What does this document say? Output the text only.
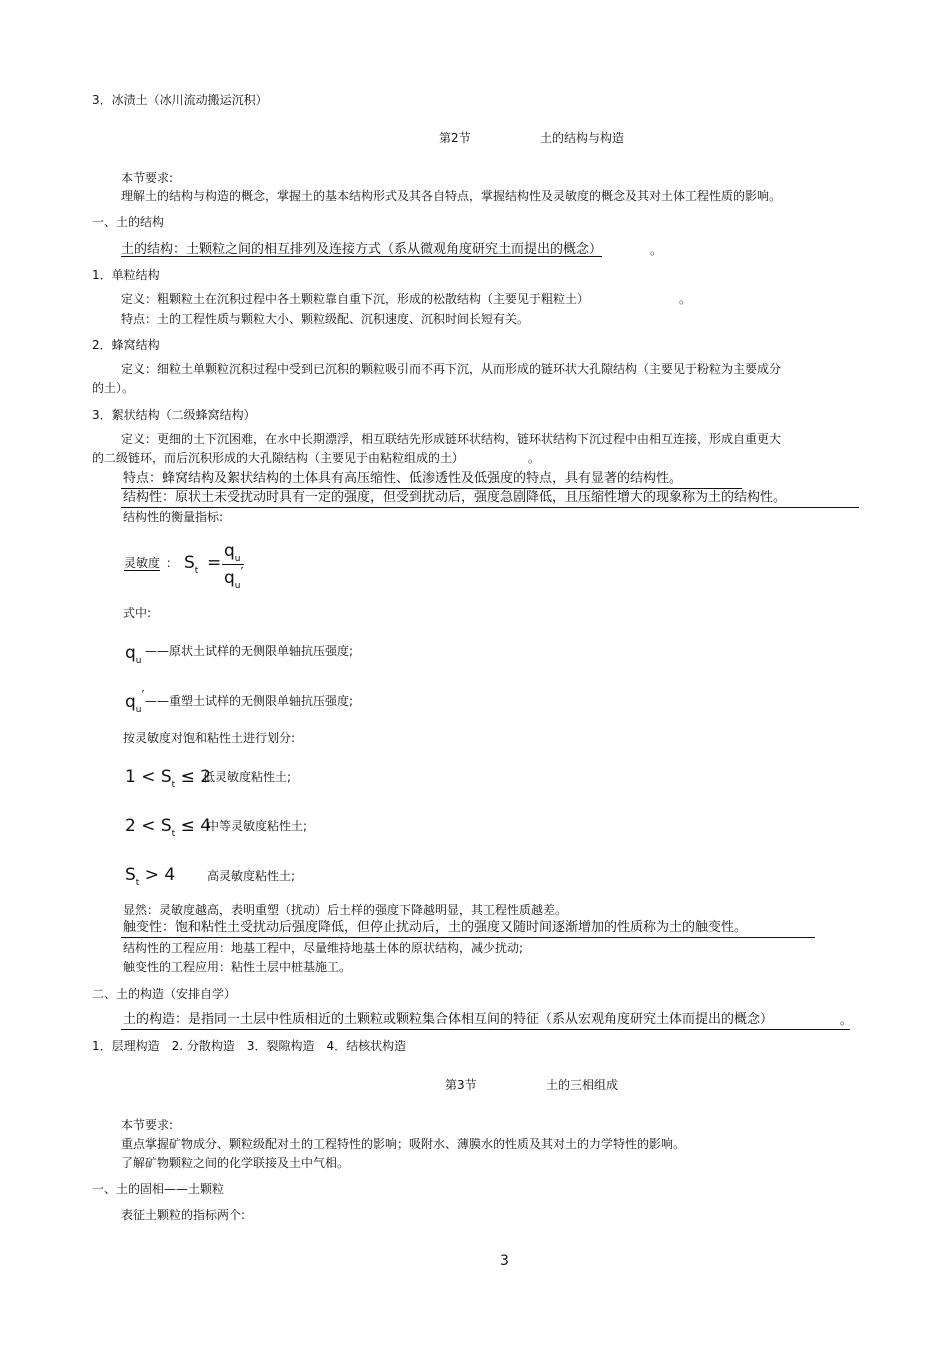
3．冰渍土（冰川流动搬运沉积）
第2节	土的结构与构造
本节要求:
理解土的结构与构造的概念，掌握土的基本结构形式及其各自特点，掌握结构性及灵敏度的概念及其对土体工程性质的影响。
一、土的结构
土的结构：土颗粒之间的相互排列及连接方式（系从微观角度研究土而提出的概念）	。
1．单粒结构
定义：粗颗粒土在沉积过程中各土颗粒靠自重下沉，形成的松散结构（主要见于粗粒土）	。
特点：土的工程性质与颗粒大小、颗粒级配、沉积速度、沉积时间长短有关。
2．蜂窝结构
定义：细粒土单颗粒沉积过程中受到已沉积的颗粒吸引而不再下沉，从而形成的链环状大孔隙结构（主要见于粉粒为主要成分
的土）。
3．絮状结构（二级蜂窝结构）
定义：更细的土下沉困难，在水中长期漂浮，相互联结先形成链环状结构，链环状结构下沉过程中由相互连接，形成自重更大
的二级链环，而后沉积形成的大孔隙结构（主要见于由粘粒组成的土）	。
特点：蜂窝结构及絮状结构的土体具有高压缩性、低渗透性及低强度的特点，具有显著的结构性。
结构性：原状土未受扰动时具有一定的强度，但受到扰动后，强度急剧降低，且压缩性增大的现象称为土的结构性。
结构性的衡量指标:
灵敏度 ： $S_t$ =
$q_u$
$q_u'$
式中:
$q_u$
——原状土试样的无侧限单轴抗压强度;
$q_u'$ ——重塑土试样的无侧限单轴抗压强度;
按灵敏度对饱和粘性土进行划分:
$1 < S_t \le 2$
低灵敏度粘性土;
$2 < S_t \le 4$
中等灵敏度粘性土;
$S_t > 4$	高灵敏度粘性土;
显然：灵敏度越高，表明重塑（扰动）后土样的强度下降越明显，其工程性质越差。
触变性：饱和粘性土受扰动后强度降低，但停止扰动后，土的强度又随时间逐渐增加的性质称为土的触变性。
结构性的工程应用：地基工程中，尽量维持地基土体的原状结构，减少扰动;
触变性的工程应用：粘性土层中桩基施工。
二、土的构造（安排自学）
土的构造：是指同一土层中性质相近的土颗粒或颗粒集合体相互间的特征（系从宏观角度研究土体而提出的概念）	。
1．层理构造　2. 分散构造　3．裂隙构造　4．结核状构造
第3节	土的三相组成
本节要求:
重点掌握矿物成分、颗粒级配对土的工程特性的影响；吸附水、薄膜水的性质及其对土的力学特性的影响。
了解矿物颗粒之间的化学联接及土中气相。
一、土的固相——土颗粒
表征土颗粒的指标两个:
3
